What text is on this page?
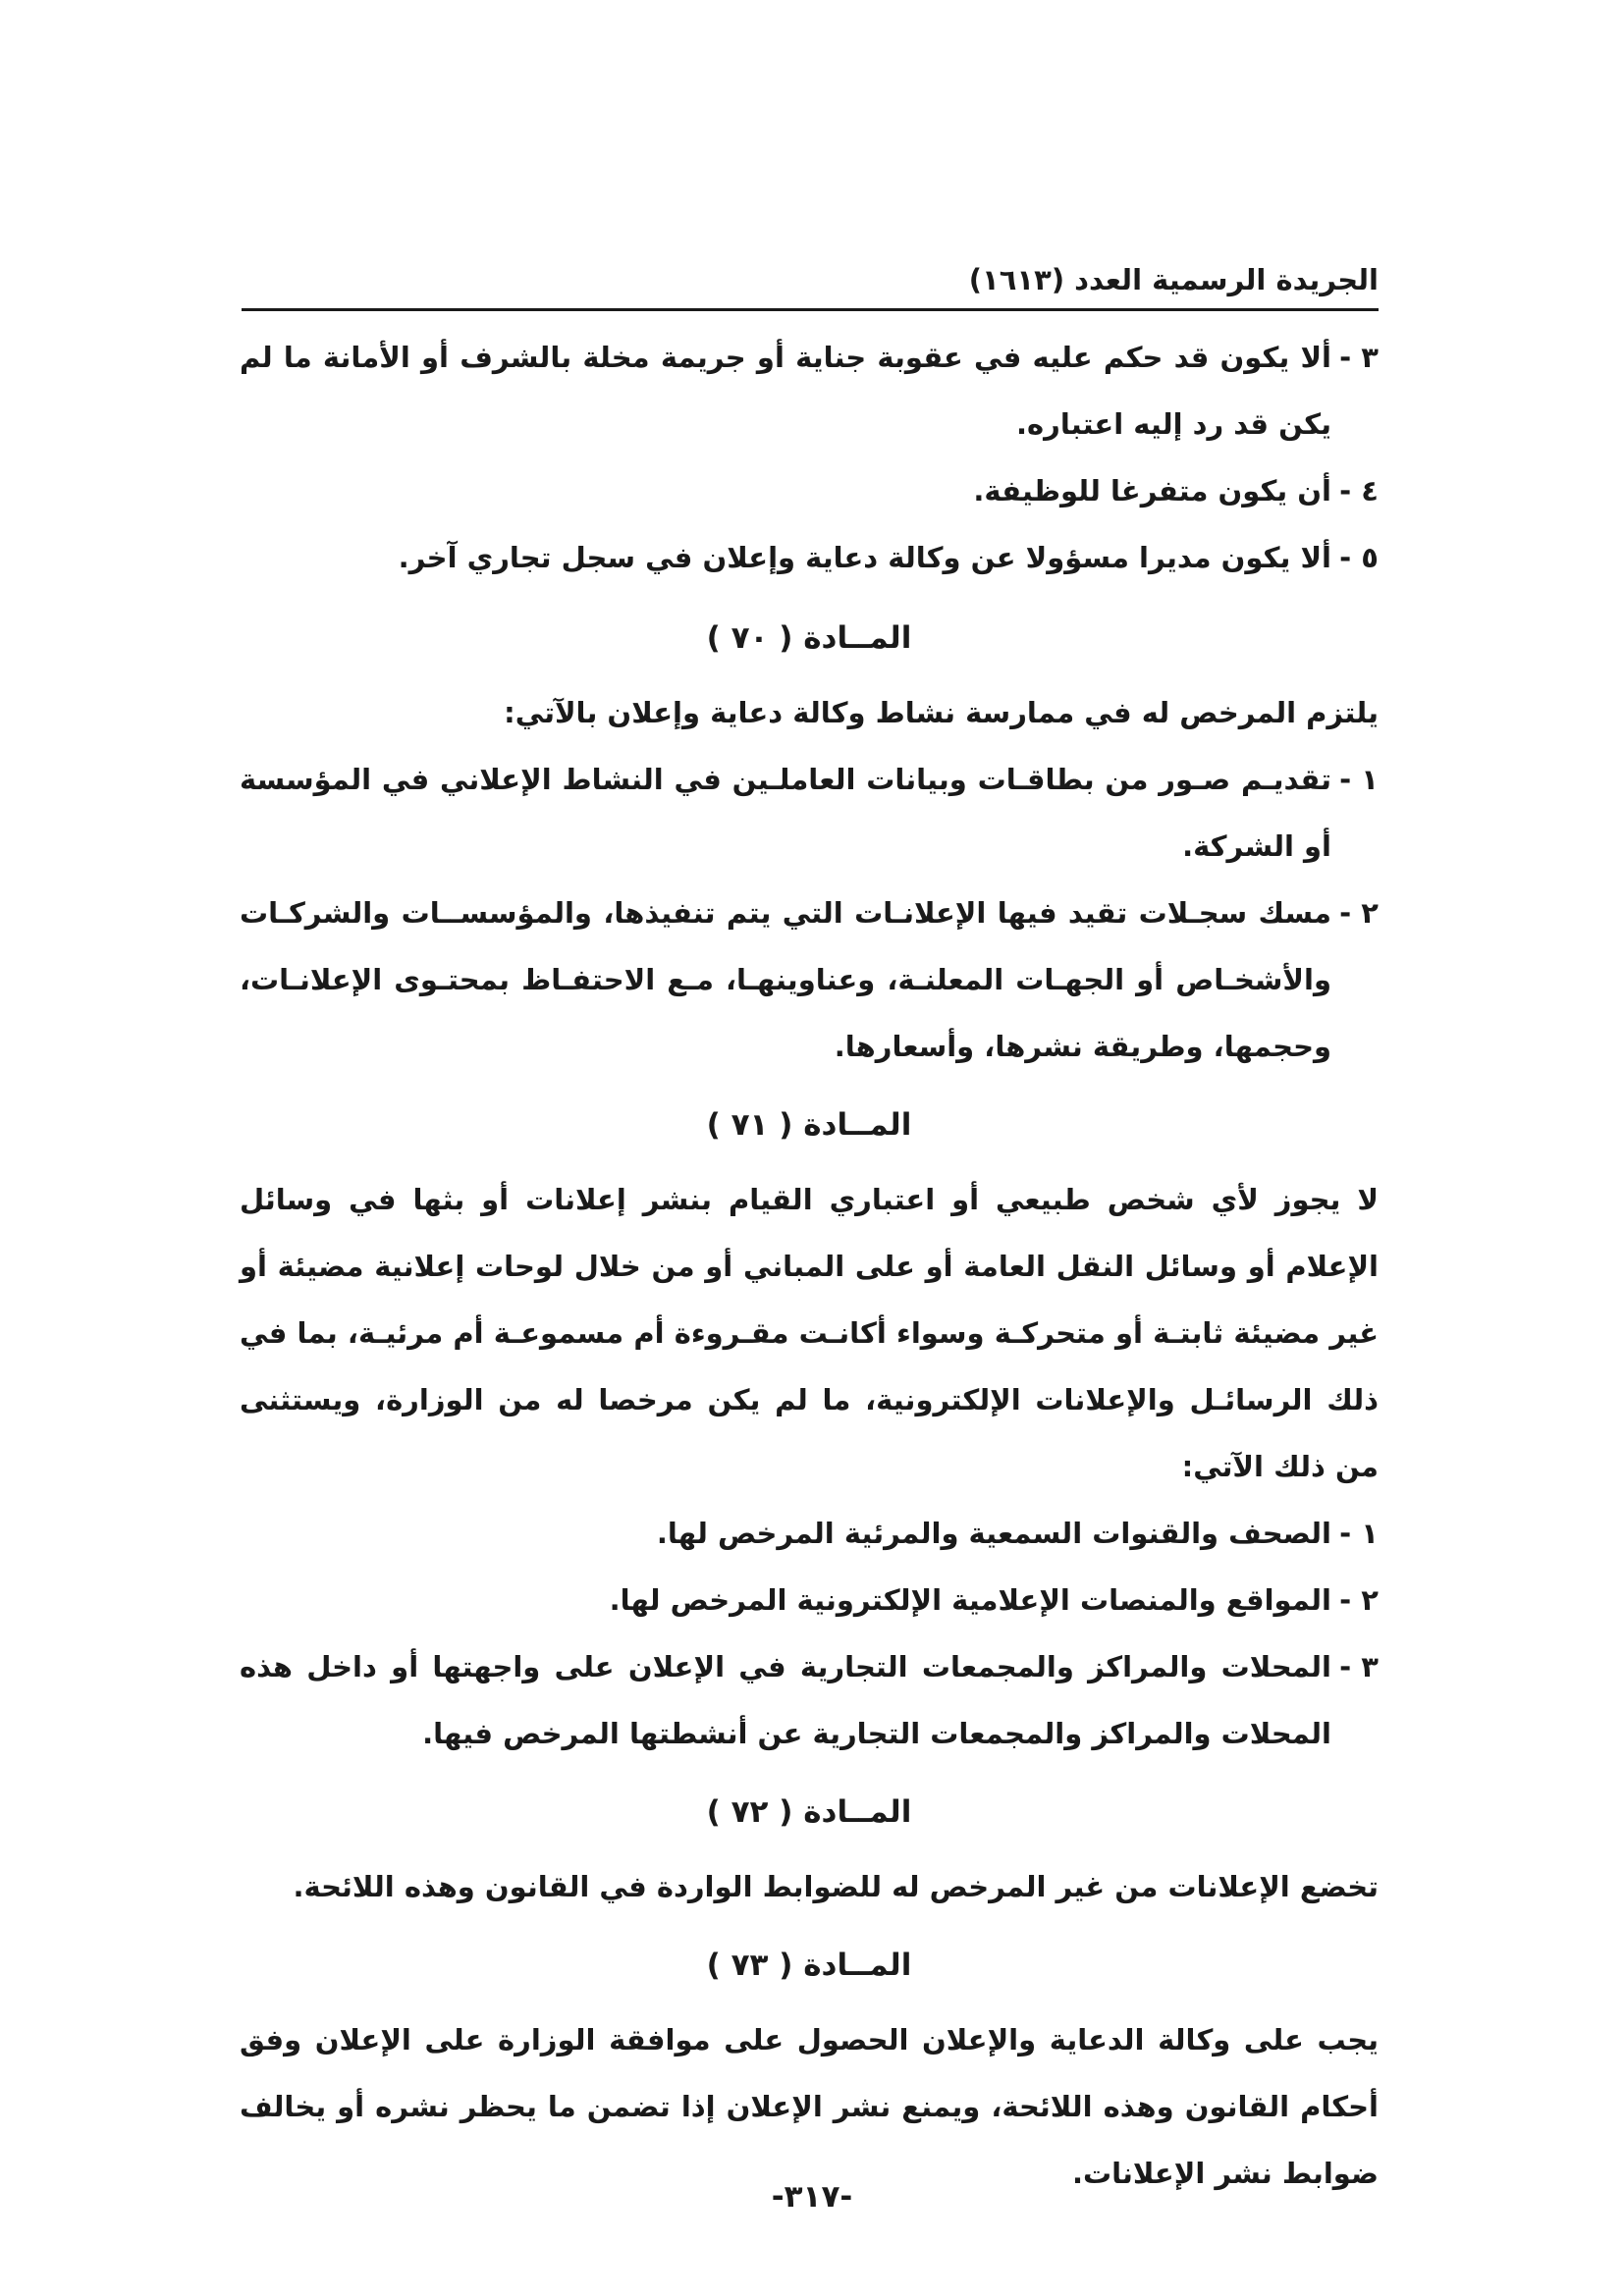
الجريدة الرسمية العدد (١٦١٣)
٣ -
ألا يكون قد حكم عليه في عقوبة جناية أو جريمة مخلة بالشرف أو الأمانة ما لم يكن قد رد إليه اعتباره.
٤ -
أن يكون متفرغا للوظيفة.
٥ -
ألا يكون مديرا مسؤولا عن وكالة دعاية وإعلان في سجل تجاري آخر.
المــادة ( ٧٠ )
يلتزم المرخص له في ممارسة نشاط وكالة دعاية وإعلان بالآتي:
١ -
تقديـم صـور من بطاقـات وبيانات العاملـين في النشاط الإعلاني في المؤسسة أو الشركة.
٢ -
مسك سجـلات تقيد فيها الإعلانـات التي يتم تنفيذها، والمؤسســات والشركـات والأشخـاص أو الجهـات المعلنـة، وعناوينهـا، مـع الاحتفـاظ بمحتـوى الإعلانـات، وحجمها، وطريقة نشرها، وأسعارها.
المــادة ( ٧١ )
لا يجوز لأي شخص طبيعي أو اعتباري القيام بنشر إعلانات أو بثها في وسائل الإعلام أو وسائل النقل العامة أو على المباني أو من خلال لوحات إعلانية مضيئة أو غير مضيئة ثابتـة أو متحركـة وسواء أكانـت مقـروءة أم مسموعـة أم مرئيـة، بما في ذلك الرسائـل والإعلانات الإلكترونية، ما لم يكن مرخصا له من الوزارة، ويستثنى من ذلك الآتي:
١ -
الصحف والقنوات السمعية والمرئية المرخص لها.
٢ -
المواقع والمنصات الإعلامية الإلكترونية المرخص لها.
٣ -
المحلات والمراكز والمجمعات التجارية في الإعلان على واجهتها أو داخل هذه المحلات والمراكز والمجمعات التجارية عن أنشطتها المرخص فيها.
المــادة ( ٧٢ )
تخضع الإعلانات من غير المرخص له للضوابط الواردة في القانون وهذه اللائحة.
المــادة ( ٧٣ )
يجب على وكالة الدعاية والإعلان الحصول على موافقة الوزارة على الإعلان وفق أحكام القانون وهذه اللائحة، ويمنع نشر الإعلان إذا تضمن ما يحظر نشره أو يخالف ضوابط نشر الإعلانات.
-٣١٧-
